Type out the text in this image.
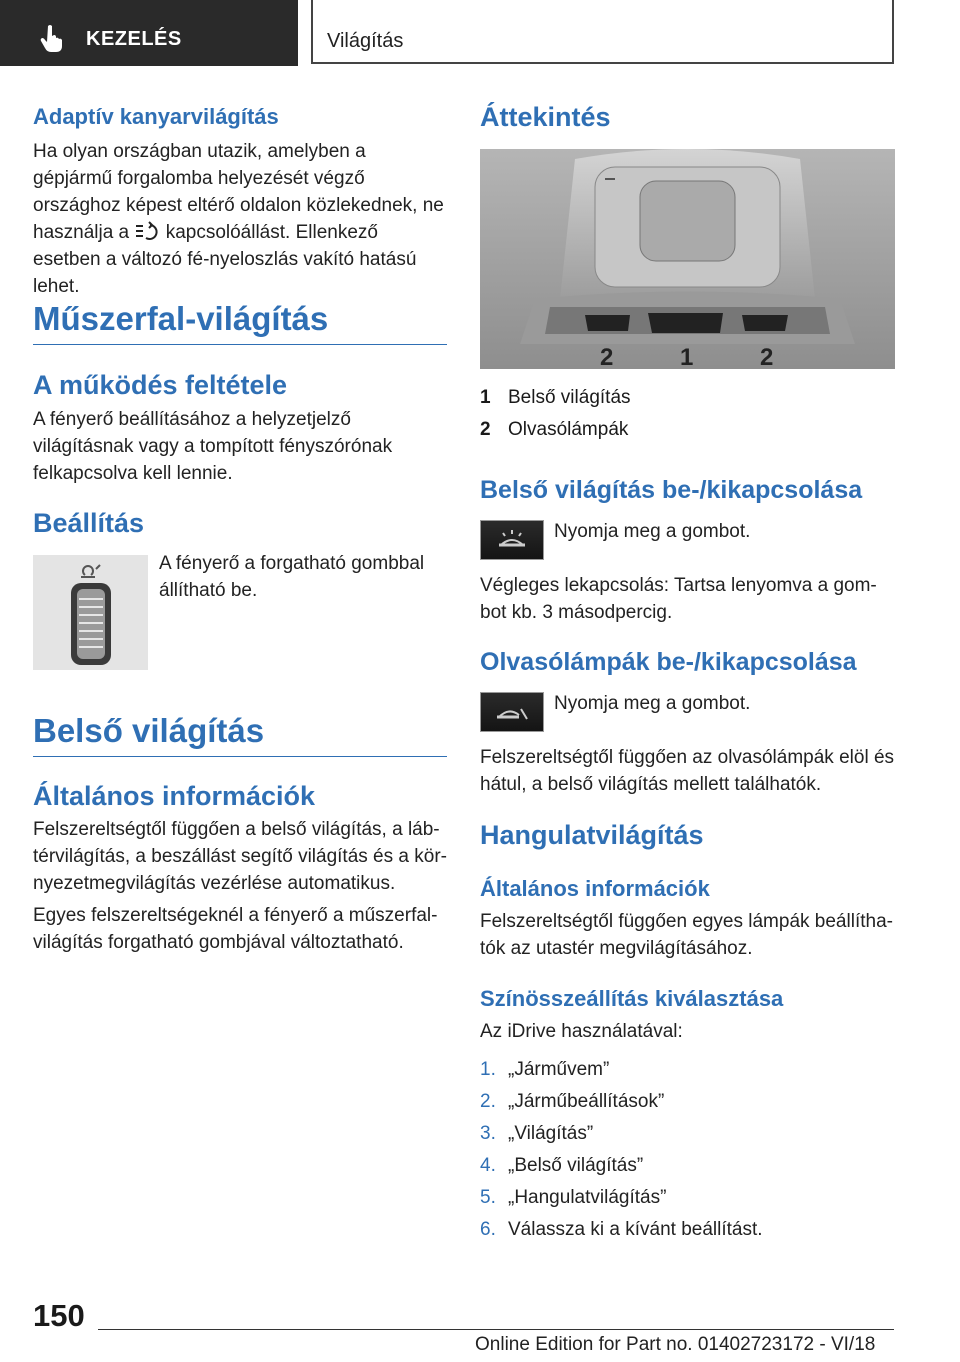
KEZELÉS	Világítás
Adaptív kanyarvilágítás

Ha olyan országban utazik, amelyben a gépjármű forgalomba helyezését végző országhoz képest eltérő oldalon közlekednek, ne használja a kapcsolóállást. Ellenkező esetben a változó fé-nyeloszlás vakító hatású lehet.

Műszerfal-világítás
A működés feltétele

A fényerő beállításához a helyzetjelző világításnak vagy a tompított fényszórónak felkapcsolva kell lennie.

Beállítás

A fényerő a forgatható gombbal állítható be.

Belső világítás
Általános információk

Felszereltségtől függően a belső világítás, a láb-térvilágítás, a beszállást segítő világítás és a kör-nyezetmegvilágítás vezérlése automatikus.

Egyes felszereltségeknél a fényerő a műszerfal-világítás forgatható gombjával változtatható.

Áttekintés
2	1	2
1 Belső világítás
2 Olvasólámpák
Belső világítás be-/kikapcsolása

Nyomja meg a gombot.

Végleges lekapcsolás: Tartsa lenyomva a gom-bot kb. 3 másodpercig.

Olvasólámpák be-/kikapcsolása

Nyomja meg a gombot.

Felszereltségtől függően az olvasólámpák elöl és hátul, a belső világítás mellett találhatók.

Hangulatvilágítás
Általános információk

Felszereltségtől függően egyes lámpák beállítha-tók az utastér megvilágításához.

Színösszeállítás kiválasztása

Az iDrive használatával:

1. „Járművem”
2. „Járműbeállítások”
3. „Világítás”
4. „Belső világítás”
5. „Hangulatvilágítás”
6. Válassza ki a kívánt beállítást.
150
Online Edition for Part no. 01402723172 - VI/18
